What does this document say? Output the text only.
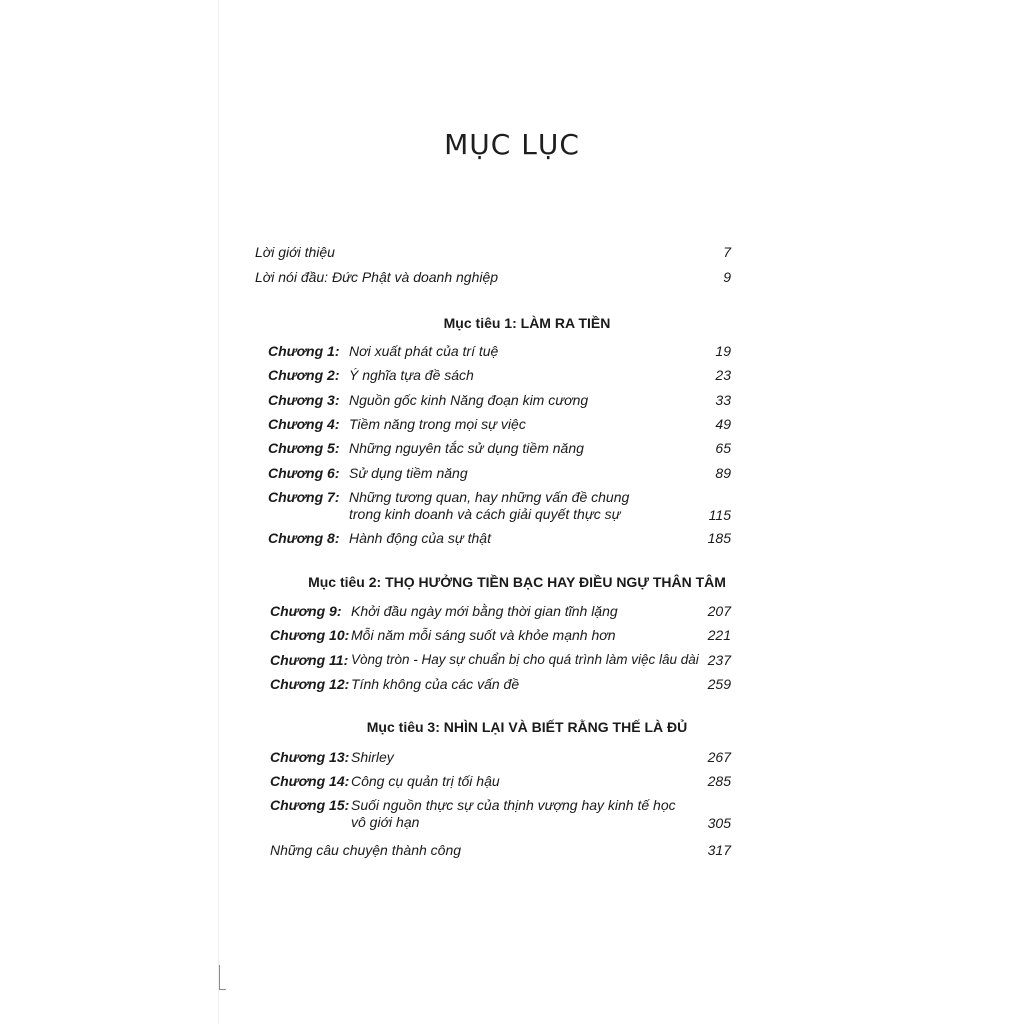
MỤC LỤC
Lời giới thiệu	7
Lời nói đầu: Đức Phật và doanh nghiệp	9
Mục tiêu 1: LÀM RA TIỀN
Chương 1: Nơi xuất phát của trí tuệ	19
Chương 2: Ý nghĩa tựa đề sách	23
Chương 3: Nguồn gốc kinh Năng đoạn kim cương	33
Chương 4: Tiềm năng trong mọi sự việc	49
Chương 5: Những nguyên tắc sử dụng tiềm năng	65
Chương 6: Sử dụng tiềm năng	89
Chương 7: Những tương quan, hay những vấn đề chung
trong kinh doanh và cách giải quyết thực sự	115
Chương 8: Hành động của sự thật	185
Mục tiêu 2: THỌ HƯỞNG TIỀN BẠC HAY ĐIỀU NGỰ THÂN TÂM
Chương 9: Khởi đầu ngày mới bằng thời gian tĩnh lặng	207
Chương 10: Mỗi năm mỗi sáng suốt và khỏe mạnh hơn	221
Chương 11: Vòng tròn - Hay sự chuẩn bị cho quá trình làm việc lâu dài 237
Chương 12: Tính không của các vấn đề	259
Mục tiêu 3: NHÌN LẠI VÀ BIẾT RẰNG THẾ LÀ ĐỦ
Chương 13: Shirley	267
Chương 14: Công cụ quản trị tối hậu	285
Chương 15: Suối nguồn thực sự của thịnh vượng hay kinh tế học
vô giới hạn	305
Những câu chuyện thành công	317
